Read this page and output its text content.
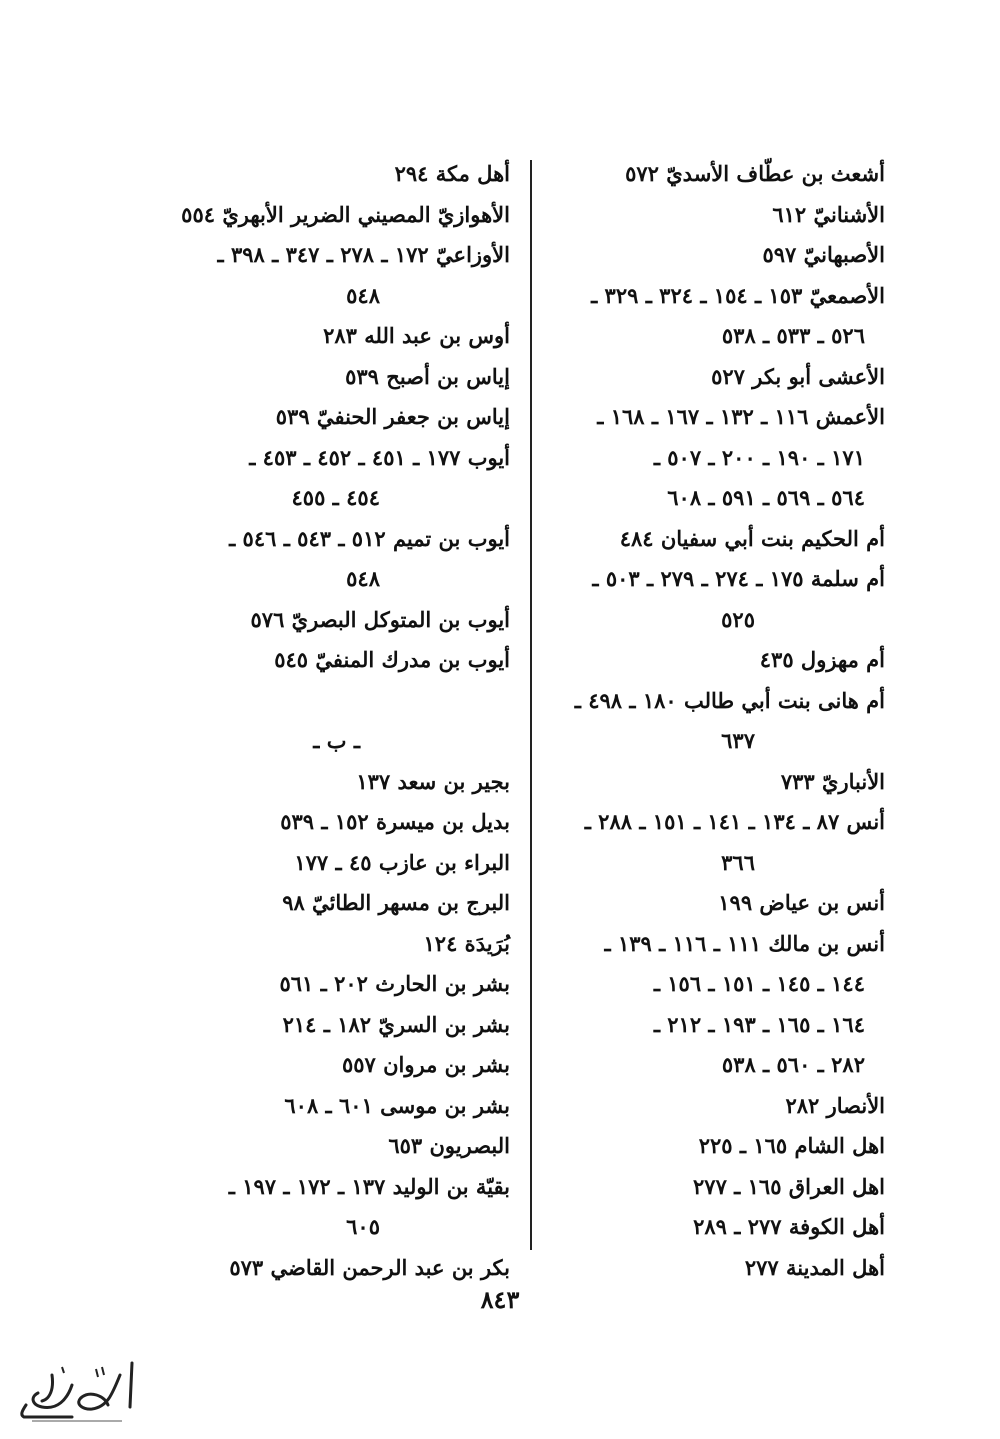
أشعث بن عطّاف الأسديّ ٥٧٢
الأشنانيّ ٦١٢
الأصبهانيّ ٥٩٧
الأصمعيّ ١٥٣ ـ ١٥٤ ـ ٣٢٤ ـ ٣٢٩ ـ
٥٢٦ ـ ٥٣٣ ـ ٥٣٨
الأعشى أبو بكر ٥٢٧
الأعمش ١١٦ ـ ١٣٢ ـ ١٦٧ ـ ١٦٨ ـ
١٧١ ـ ١٩٠ ـ ٢٠٠ ـ ٥٠٧ ـ
٥٦٤ ـ ٥٦٩ ـ ٥٩١ ـ ٦٠٨
أم الحكيم بنت أبي سفيان ٤٨٤
أم سلمة ١٧٥ ـ ٢٧٤ ـ ٢٧٩ ـ ٥٠٣ ـ
٥٢٥
أم مهزول ٤٣٥
أم هانى بنت أبي طالب ١٨٠ ـ ٤٩٨ ـ
٦٣٧
الأنباريّ ٧٣٣
أنس ٨٧ ـ ١٣٤ ـ ١٤١ ـ ١٥١ ـ ٢٨٨ ـ
٣٦٦
أنس بن عياض ١٩٩
أنس بن مالك ١١١ ـ ١١٦ ـ ١٣٩ ـ
١٤٤ ـ ١٤٥ ـ ١٥١ ـ ١٥٦ ـ
١٦٤ ـ ١٦٥ ـ ١٩٣ ـ ٢١٢ ـ
٢٨٢ ـ ٥٦٠ ـ ٥٣٨
الأنصار ٢٨٢
اهل الشام ١٦٥ ـ ٢٢٥
اهل العراق ١٦٥ ـ ٢٧٧
أهل الكوفة ٢٧٧ ـ ٢٨٩
أهل المدينة ٢٧٧
أهل مكة ٢٩٤
الأهوازيّ المصيني الضرير الأبهريّ ٥٥٤
الأوزاعيّ ١٧٢ ـ ٢٧٨ ـ ٣٤٧ ـ ٣٩٨ ـ
٥٤٨
أوس بن عبد الله ٢٨٣
إياس بن أصبح ٥٣٩
إياس بن جعفر الحنفيّ ٥٣٩
أيوب ١٧٧ ـ ٤٥١ ـ ٤٥٢ ـ ٤٥٣ ـ
٤٥٤ ـ ٤٥٥
أيوب بن تميم ٥١٢ ـ ٥٤٣ ـ ٥٤٦ ـ
٥٤٨
أيوب بن المتوكل البصريّ ٥٧٦
أيوب بن مدرك المنفيّ ٥٤٥
ـ ب ـ
بجير بن سعد ١٣٧
بديل بن ميسرة ١٥٢ ـ ٥٣٩
البراء بن عازب ٤٥ ـ ١٧٧
البرج بن مسهر الطائيّ ٩٨
بُرَيدَة ١٢٤
بشر بن الحارث ٢٠٢ ـ ٥٦١
بشر بن السريّ ١٨٢ ـ ٢١٤
بشر بن مروان ٥٥٧
بشر بن موسى ٦٠١ ـ ٦٠٨
البصريون ٦٥٣
بقيّة بن الوليد ١٣٧ ـ ١٧٢ ـ ١٩٧ ـ
٦٠٥
بكر بن عبد الرحمن القاضي ٥٧٣
٨٤٣
